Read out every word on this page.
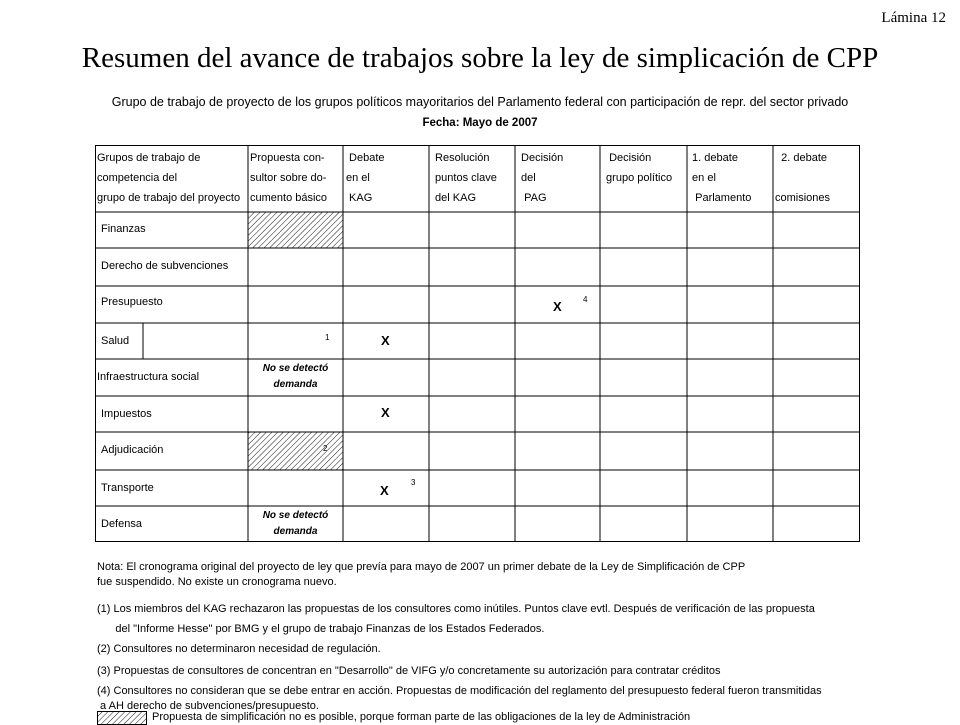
Lámina 12
Resumen del avance de trabajos sobre la ley de simplicación de CPP
Grupo de trabajo de proyecto de los grupos políticos mayoritarios del Parlamento federal con participación de repr. del sector privado
Fecha: Mayo de 2007
Grupos de trabajo de
competencia del
grupo de trabajo del proyecto
Propuesta con-
sultor sobre do-
cumento básico
Debate
en el
KAG
Resolución
puntos clave
del KAG
Decisión
del
PAG
Decisión
grupo político
1. debate
en el
Parlamento
2. debate

comisiones
Finanzas
Derecho de subvenciones
Presupuesto
Salud
Infraestructura social
Impuestos
Adjudicación
Transporte
Defensa
X	4
1	X
X
2
X
3
No se detectó
demanda
No se detectó
demanda
Nota: El cronograma original del proyecto de ley que prevía para mayo de 2007 un primer debate de la Ley de Simplificación de CPP
fue suspendido. No existe un cronograma nuevo.
(1) Los miembros del KAG rechazaron las propuestas de los consultores como inútiles. Puntos clave evtl. Después de verificación de las propuesta
del "Informe Hesse" por BMG y el grupo de trabajo Finanzas de los Estados Federados.
(2) Consultores no determinaron necesidad de regulación.
(3) Propuestas de consultores de concentran en "Desarrollo" de VIFG y/o concretamente su autorización para contratar créditos
(4) Consultores no consideran que se debe entrar en acción. Propuestas de modificación del reglamento del presupuesto federal fueron transmitidas
a AH derecho de subvenciones/presupuesto.
Propuesta de simplificación no es posible, porque forman parte de las obligaciones de la ley de Administración
